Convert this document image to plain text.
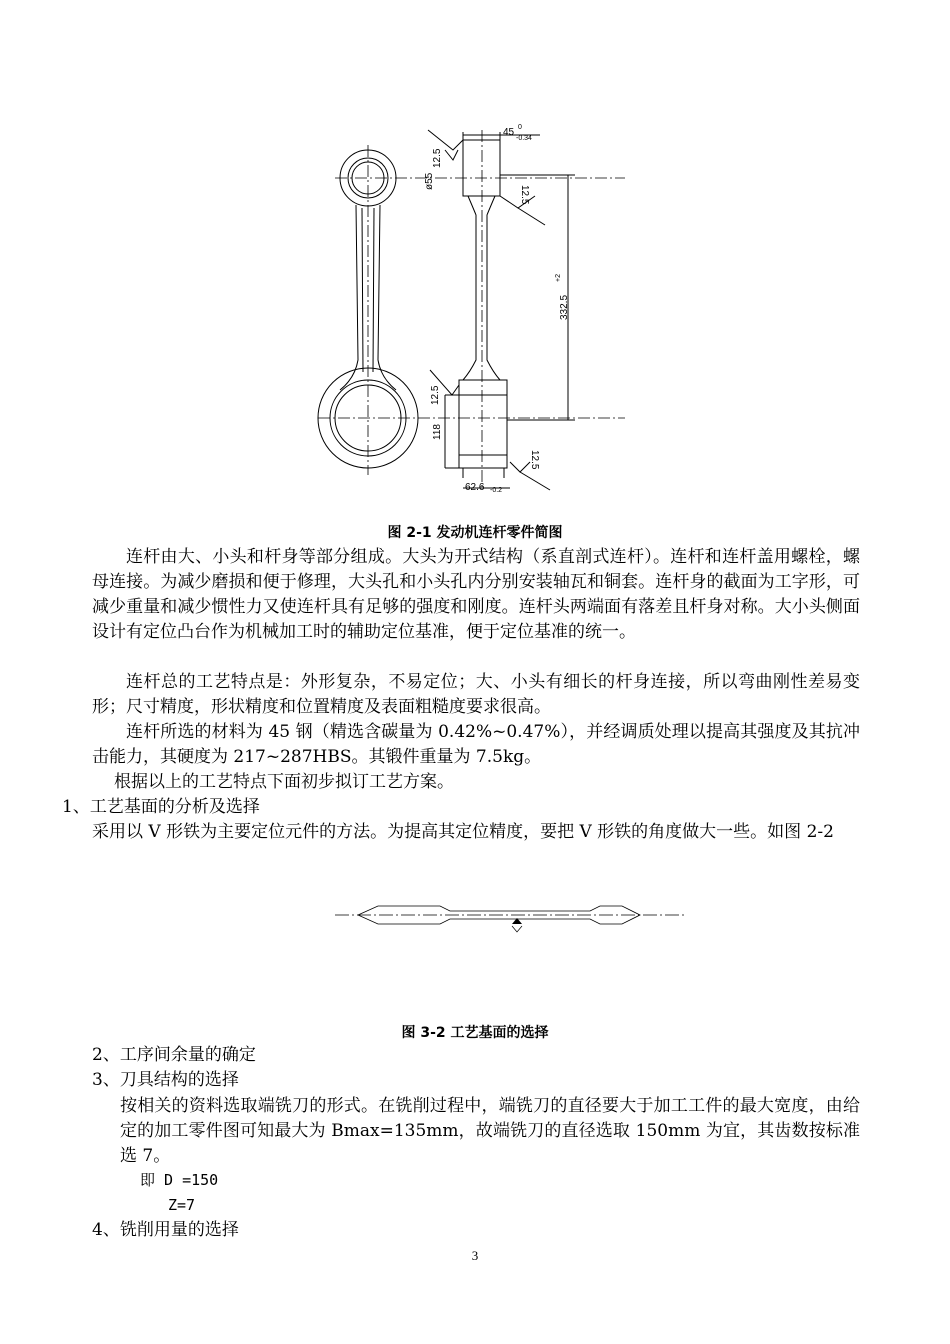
45 0
-0.34
12.5
ø55
12.5
332.5
+2
12.5
118
12.5
62.6 -0.2
图 2-1 发动机连杆零件简图
连杆由大、小头和杆身等部分组成。大头为开式结构（系直剖式连杆）。连杆和连杆盖用螺栓，螺母连接。为减少磨损和便于修理，大头孔和小头孔内分别安装轴瓦和铜套。连杆身的截面为工字形，可减少重量和减少惯性力又使连杆具有足够的强度和刚度。连杆头两端面有落差且杆身对称。大小头侧面设计有定位凸台作为机械加工时的辅助定位基准，便于定位基准的统一。
连杆总的工艺特点是：外形复杂，不易定位；大、小头有细长的杆身连接，所以弯曲刚性差易变形；尺寸精度，形状精度和位置精度及表面粗糙度要求很高。
连杆所选的材料为 45 钢（精选含碳量为 0.42%~0.47%），并经调质处理以提高其强度及其抗冲击能力，其硬度为 217~287HBS。其锻件重量为 7.5kg。
根据以上的工艺特点下面初步拟订工艺方案。
1、工艺基面的分析及选择
采用以 V 形铁为主要定位元件的方法。为提高其定位精度，要把 V 形铁的角度做大一些。如图 2-2
图 3-2 工艺基面的选择
2、工序间余量的确定
3、刀具结构的选择
按相关的资料选取端铣刀的形式。在铣削过程中，端铣刀的直径要大于加工工件的最大宽度，由给定的加工零件图可知最大为 Bmax=135mm，故端铣刀的直径选取 150mm 为宜，其齿数按标准选 7。
即 D =150
Z=7
4、铣削用量的选择
3
